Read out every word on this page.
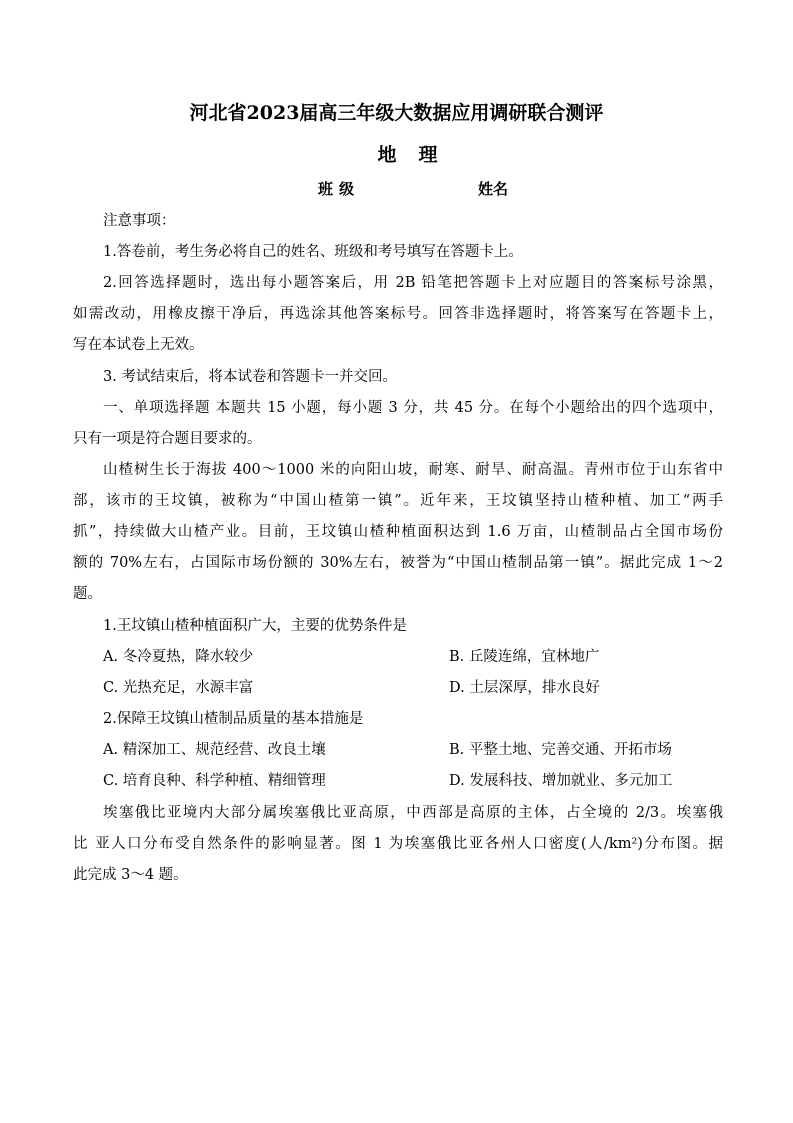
河北省2023届高三年级大数据应用调研联合测评
地理
班级	姓名
注意事项：
1.答卷前，考生务必将自己的姓名、班级和考号填写在答题卡上。
2.回答选择题时，选出每小题答案后，用 2B 铅笔把答题卡上对应题目的答案标号涂黑，
如需改动，用橡皮擦干净后，再选涂其他答案标号。回答非选择题时，将答案写在答题卡上，
写在本试卷上无效。
3. 考试结束后，将本试卷和答题卡一并交回。
一、单项选择题 本题共 15 小题，每小题 3 分，共 45 分。在每个小题给出的四个选项中，
只有一项是符合题目要求的。
山楂树生长于海拔 400～1000 米的向阳山坡，耐寒、耐旱、耐高温。青州市位于山东省中
部，该市的王坟镇，被称为“中国山楂第一镇”。近年来，王坟镇坚持山楂种植、加工“两手
抓”，持续做大山楂产业。目前，王坟镇山楂种植面积达到 1.6 万亩，山楂制品占全国市场份
额的 70%左右，占国际市场份额的 30%左右，被誉为“中国山楂制品第一镇”。据此完成 1～2
题。
1.王坟镇山楂种植面积广大，主要的优势条件是
A. 冬冷夏热，降水较少	B. 丘陵连绵，宜林地广
C. 光热充足，水源丰富	D. 土层深厚，排水良好
2.保障王坟镇山楂制品质量的基本措施是
A. 精深加工、规范经营、改良土壤	B. 平整土地、完善交通、开拓市场
C. 培育良种、科学种植、精细管理	D. 发展科技、增加就业、多元加工
埃塞俄比亚境内大部分属埃塞俄比亚高原，中西部是高原的主体，占全境的 2/3。埃塞俄
比 亚人口分布受自然条件的影响显著。图 1 为埃塞俄比亚各州人口密度(人/km²)分布图。据
此完成 3～4 题。
